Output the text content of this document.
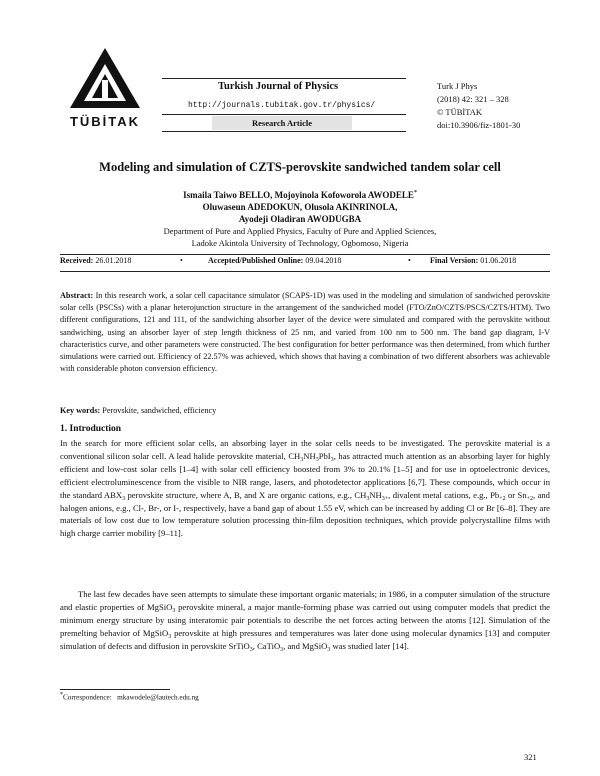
TÜBİTAK
Turkish Journal of Physics
http://journals.tubitak.gov.tr/physics/
Research Article
Turk J Phys
(2018) 42: 321 – 328
© TÜBİTAK
doi:10.3906/fiz-1801-30
Modeling and simulation of CZTS-perovskite sandwiched tandem solar cell
Ismaila Taiwo BELLO, Mojoyinola Kofoworola AWODELE*
Oluwaseun ADEDOKUN, Olusola AKINRINOLA,
Ayodeji Oladiran AWODUGBA
Department of Pure and Applied Physics, Faculty of Pure and Applied Sciences,
Ladoke Akintola University of Technology, Ogbomoso, Nigeria
Received: 26.01.2018	•	Accepted/Published Online: 09.04.2018	• Final Version: 01.06.2018
Abstract: In this research work, a solar cell capacitance simulator (SCAPS-1D) was used in the modeling and simulation of sandwiched perovskite solar cells (PSCSs) with a planar heterojunction structure in the arrangement of the sandwiched model (FTO/ZnO/CZTS/PSCS/CZTS/HTM). Two different configurations, 121 and 111, of the sandwiching absorber layer of the device were simulated and compared with the perovskite without sandwiching, using an absorber layer of step length thickness of 25 nm, and varied from 100 nm to 500 nm. The band gap diagram, I-V characteristics curve, and other parameters were constructed. The best configuration for better performance was then determined, from which further simulations were carried out. Efficiency of 22.57% was achieved, which shows that having a combination of two different absorbers was achievable with considerable photon conversion efficiency.
Key words: Perovskite, sandwiched, efficiency
1. Introduction
In the search for more efficient solar cells, an absorbing layer in the solar cells needs to be investigated. The perovskite material is a conventional silicon solar cell. A lead halide perovskite material, $CH_3NH_3PbI_3$, has attracted much attention as an absorbing layer for highly efficient and low-cost solar cells [1–4] with solar cell efficiency boosted from 3% to 20.1% [1–5] and for use in optoelectronic devices, efficient electroluminescence from the visible to NIR range, lasers, and photodetector applications [6,7]. These compounds, which occur in the standard $ABX_3$ perovskite structure, where A, B, and X are organic cations, e.g., $CH_3NH_{3+}$, divalent metal cations, e.g., $Pb_{+2}$ or $Sn_{+2}$, and halogen anions, e.g., Cl-, Br-, or I-, respectively, have a band gap of about 1.55 eV, which can be increased by adding Cl or Br [6–8]. They are materials of low cost due to low temperature solution processing thin-film deposition techniques, which provide polycrystalline films with high charge carrier mobility [9–11].
The last few decades have seen attempts to simulate these important organic materials; in 1986, in a computer simulation of the structure and elastic properties of MgSiO$_3$ perovskite mineral, a major mantle-forming phase was carried out using computer models that predict the minimum energy structure by using interatomic pair potentials to describe the net forces acting between the atoms [12]. Simulation of the premelting behavior of MgSiO$_3$ perovskite at high pressures and temperatures was later done using molecular dynamics [13] and computer simulation of defects and diffusion in perovskite SrTiO$_3$, CaTiO$_3$, and MgSiO$_3$ was studied later [14].
*Correspondence: mkawodele@lautech.edu.ng
321
